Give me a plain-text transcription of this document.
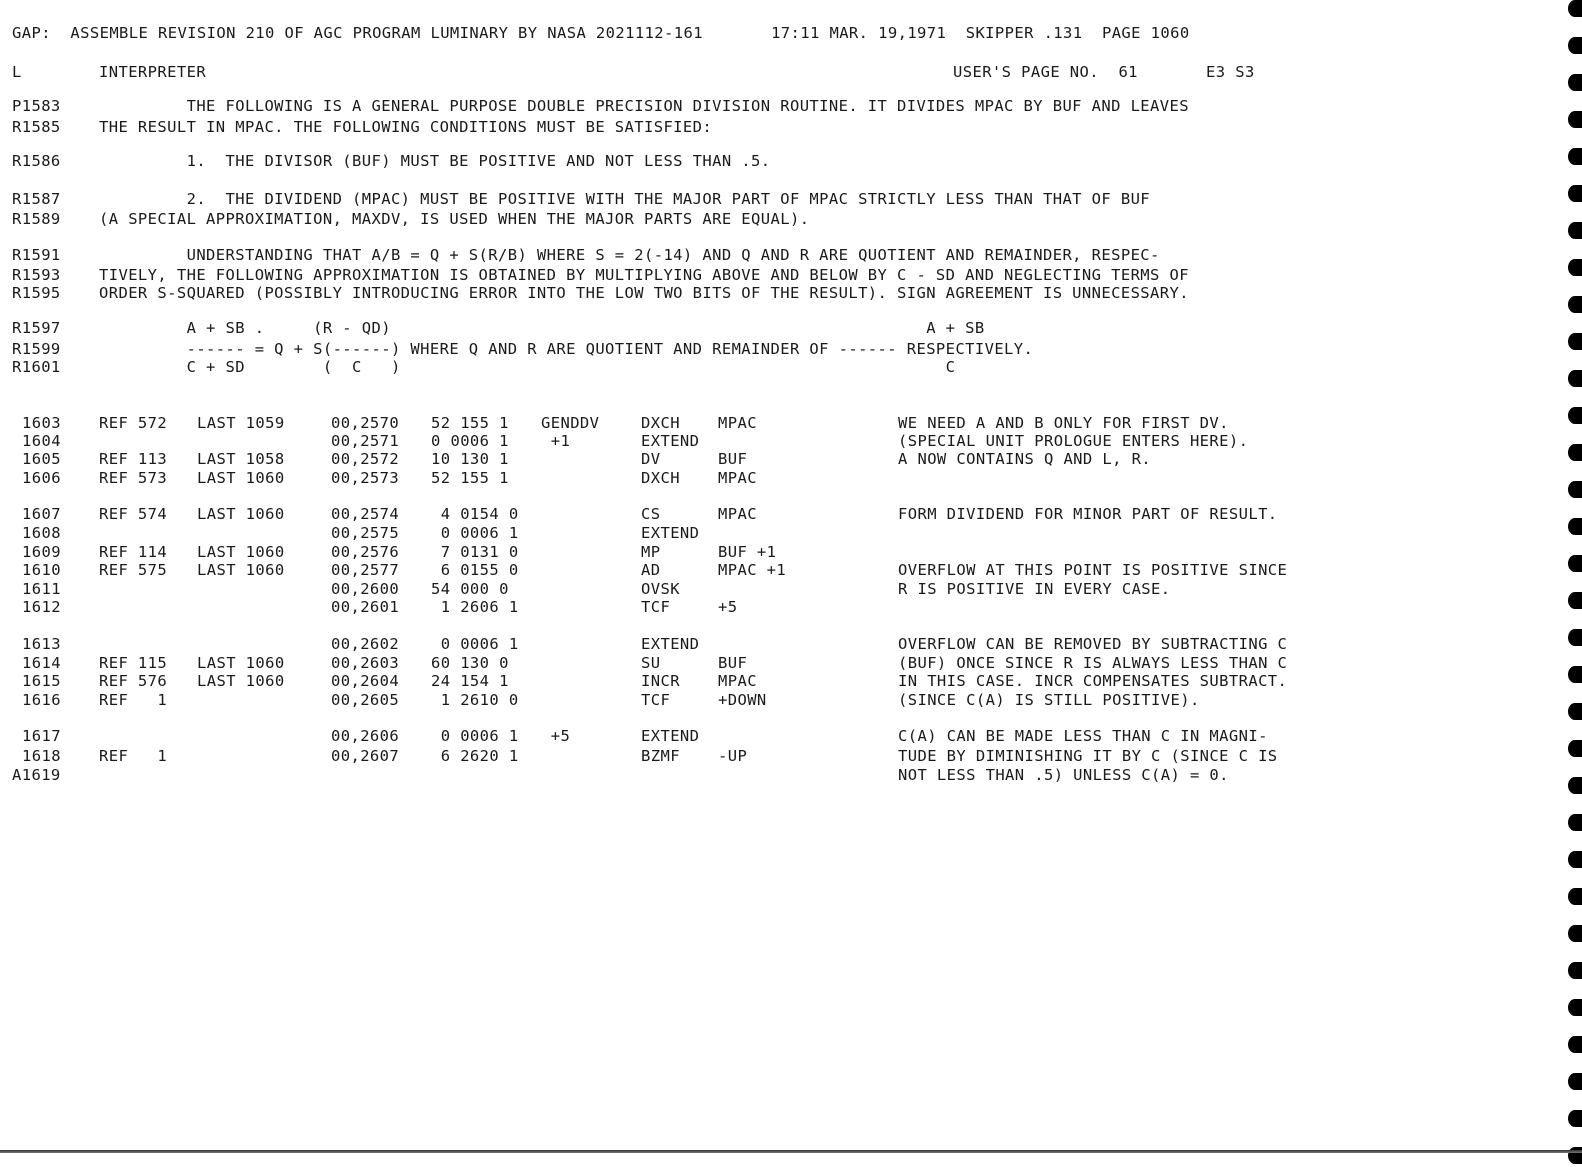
GAP:  ASSEMBLE REVISION 210 OF AGC PROGRAM LUMINARY BY NASA 2021112-161       17:11 MAR. 19,1971  SKIPPER .131  PAGE 1060
L	INTERPRETER	USER'S PAGE NO.  61       E3 S3
P1583 THE FOLLOWING IS A GENERAL PURPOSE DOUBLE PRECISION DIVISION ROUTINE. IT DIVIDES MPAC BY BUF AND LEAVES
R1585 THE RESULT IN MPAC. THE FOLLOWING CONDITIONS MUST BE SATISFIED:
R1586 1.  THE DIVISOR (BUF) MUST BE POSITIVE AND NOT LESS THAN .5.
R1587 2.  THE DIVIDEND (MPAC) MUST BE POSITIVE WITH THE MAJOR PART OF MPAC STRICTLY LESS THAN THAT OF BUF
R1589 (A SPECIAL APPROXIMATION, MAXDV, IS USED WHEN THE MAJOR PARTS ARE EQUAL).
R1591 UNDERSTANDING THAT A/B = Q + S(R/B) WHERE S = 2(-14) AND Q AND R ARE QUOTIENT AND REMAINDER, RESPEC-
R1593 TIVELY, THE FOLLOWING APPROXIMATION IS OBTAINED BY MULTIPLYING ABOVE AND BELOW BY C - SD AND NEGLECTING TERMS OF
R1595 ORDER S-SQUARED (POSSIBLY INTRODUCING ERROR INTO THE LOW TWO BITS OF THE RESULT). SIGN AGREEMENT IS UNNECESSARY.
R1597 A + SB .     (R - QD)                                                       A + SB
R1599 ------ = Q + S(------) WHERE Q AND R ARE QUOTIENT AND REMAINDER OF ------ RESPECTIVELY.
R1601 C + SD        (  C   )                                                        C
1603 REF 572 LAST 1059	00,2570 52 155 1 GENDDV	DXCH MPAC	WE NEED A AND B ONLY FOR FIRST DV.
1604	00,2571 0 0006 1 +1	EXTEND	(SPECIAL UNIT PROLOGUE ENTERS HERE).
1605 REF 113 LAST 1058	00,2572 10 130 1	DV	BUF	A NOW CONTAINS Q AND L, R.
1606 REF 573 LAST 1060	00,2573 52 155 1	DXCH MPAC
1607 REF 574 LAST 1060	00,2574 4 0154 0	CS	MPAC	FORM DIVIDEND FOR MINOR PART OF RESULT.
1608	00,2575 0 0006 1	EXTEND
1609 REF 114 LAST 1060	00,2576 7 0131 0	MP	BUF +1
1610 REF 575 LAST 1060	00,2577 6 0155 0	AD	MPAC +1	OVERFLOW AT THIS POINT IS POSITIVE SINCE
1611	00,2600 54 000 0	OVSK	R IS POSITIVE IN EVERY CASE.
1612	00,2601 1 2606 1	TCF	+5
1613	00,2602 0 0006 1	EXTEND	OVERFLOW CAN BE REMOVED BY SUBTRACTING C
1614 REF 115 LAST 1060	00,2603 60 130 0	SU	BUF	(BUF) ONCE SINCE R IS ALWAYS LESS THAN C
1615 REF 576 LAST 1060	00,2604 24 154 1	INCR MPAC	IN THIS CASE. INCR COMPENSATES SUBTRACT.
1616 REF   1	00,2605 1 2610 0	TCF	+DOWN	(SINCE C(A) IS STILL POSITIVE).
1617	00,2606 0 0006 1 +5	EXTEND	C(A) CAN BE MADE LESS THAN C IN MAGNI-
1618 REF   1	00,2607 6 2620 1	BZMF -UP	TUDE BY DIMINISHING IT BY C (SINCE C IS
A1619	NOT LESS THAN .5) UNLESS C(A) = 0.
